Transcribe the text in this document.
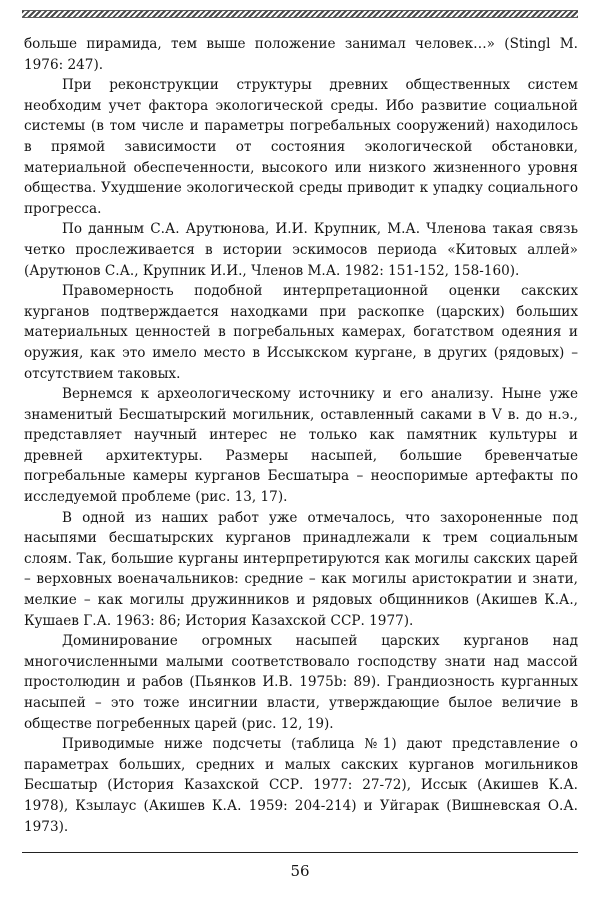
больше пирамида, тем выше положение занимал человек…» (Stingl M. 1976: 247).

При реконструкции структуры древних общественных систем необходим учет фактора экологической среды. Ибо развитие социальной системы (в том числе и параметры погребальных сооружений) находилось в прямой зависимости от состояния экологической обстановки, материальной обеспеченности, высокого или низкого жизненного уровня общества. Ухудшение экологической среды приводит к упадку социального прогресса.

По данным С.А. Арутюнова, И.И. Крупник, М.А. Членова такая связь четко прослеживается в истории эскимосов периода «Китовых аллей» (Арутюнов С.А., Крупник И.И., Членов М.А. 1982: 151-152, 158-160).

Правомерность подобной интерпретационной оценки сакских курганов подтверждается находками при раскопке (царских) больших материальных ценностей в погребальных камерах, богатством одеяния и оружия, как это имело место в Иссыкском кургане, в других (рядовых) – отсутствием таковых.

Вернемся к археологическому источнику и его анализу. Ныне уже знаменитый Бесшатырский могильник, оставленный саками в V в. до н.э., представляет научный интерес не только как памятник культуры и древней архитектуры. Размеры насыпей, большие бревенчатые погребальные камеры курганов Бесшатыра – неоспоримые артефакты по исследуемой проблеме (рис. 13, 17).

В одной из наших работ уже отмечалось, что захороненные под насыпями бесшатырских курганов принадлежали к трем социальным слоям. Так, большие курганы интерпретируются как могилы сакских царей – верховных военачальников: средние – как могилы аристократии и знати, мелкие – как могилы дружинников и рядовых общинников (Акишев К.А., Кушаев Г.А. 1963: 86; История Казахской ССР. 1977).

Доминирование огромных насыпей царских курганов над многочисленными малыми соответствовало господству знати над массой простолюдин и рабов (Пьянков И.В. 1975b: 89). Грандиозность курганных насыпей – это тоже инсигнии власти, утверждающие былое величие в обществе погребенных царей (рис. 12, 19).

Приводимые ниже подсчеты (таблица №1) дают представление о параметрах больших, средних и малых сакских курганов могильников Бесшатыр (История Казахской ССР. 1977: 27-72), Иссык (Акишев К.А. 1978), Кзылаус (Акишев К.А. 1959: 204-214) и Уйгарак (Вишневская О.А. 1973).

56
